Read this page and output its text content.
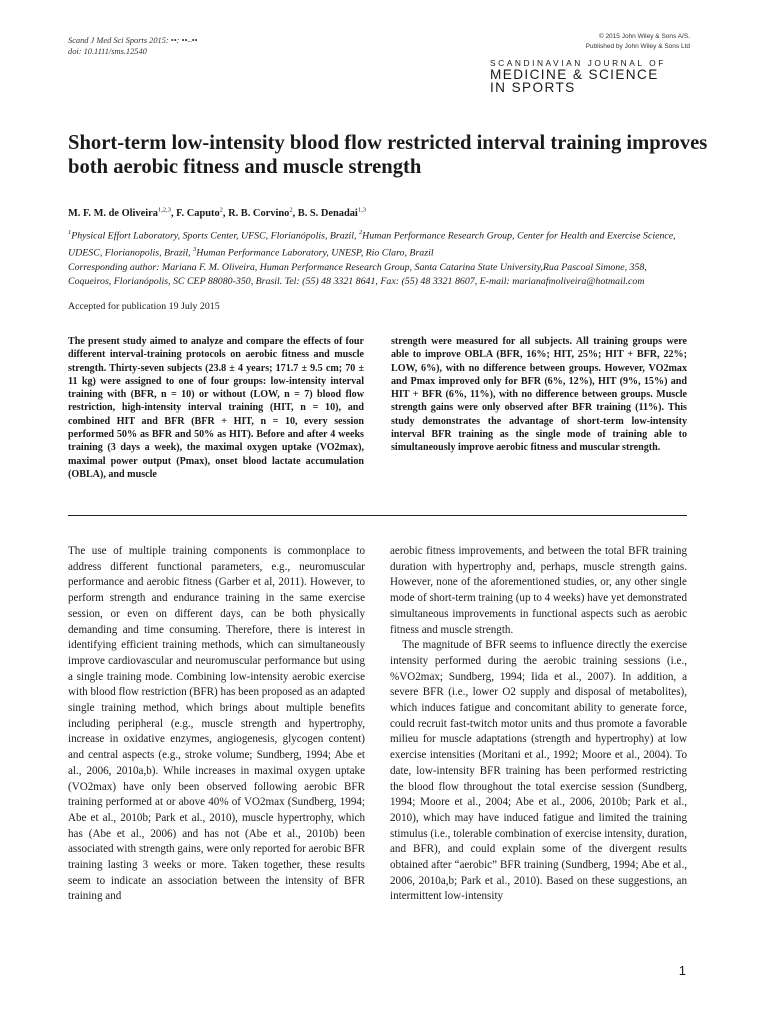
Scand J Med Sci Sports 2015: ••: ••–••
doi: 10.1111/sms.12540
© 2015 John Wiley & Sons A/S.
Published by John Wiley & Sons Ltd
SCANDINAVIAN JOURNAL OF
MEDICINE & SCIENCE
IN SPORTS
Short-term low-intensity blood flow restricted interval training improves both aerobic fitness and muscle strength

M. F. M. de Oliveira$^{1,2,3}$, F. Caputo$^2$, R. B. Corvino$^2$, B. S. Denadai$^{1,3}$

$^1$Physical Effort Laboratory, Sports Center, UFSC, Florianópolis, Brazil, $^2$Human Performance Research Group, Center for Health and Exercise Science, UDESC, Florianopolis, Brazil, $^3$Human Performance Laboratory, UNESP, Rio Claro, Brazil
Corresponding author: Mariana F. M. Oliveira, Human Performance Research Group, Santa Catarina State University,Rua Pascoal Simone, 358, Coqueiros, Florianópolis, SC CEP 88080-350, Brasil. Tel: (55) 48 3321 8641, Fax: (55) 48 3321 8607, E-mail: marianafmoliveira@hotmail.com

Accepted for publication 19 July 2015

The present study aimed to analyze and compare the effects of four different interval-training protocols on aerobic fitness and muscle strength. Thirty-seven subjects (23.8 ± 4 years; 171.7 ± 9.5 cm; 70 ± 11 kg) were assigned to one of four groups: low-intensity interval training with (BFR, n = 10) or without (LOW, n = 7) blood flow restriction, high-intensity interval training (HIT, n = 10), and combined HIT and BFR (BFR + HIT, n = 10, every session performed 50% as BFR and 50% as HIT). Before and after 4 weeks training (3 days a week), the maximal oxygen uptake (VO2max), maximal power output (Pmax), onset blood lactate accumulation (OBLA), and muscle

strength were measured for all subjects. All training groups were able to improve OBLA (BFR, 16%; HIT, 25%; HIT + BFR, 22%; LOW, 6%), with no difference between groups. However, VO2max and Pmax improved only for BFR (6%, 12%), HIT (9%, 15%) and HIT + BFR (6%, 11%), with no difference between groups. Muscle strength gains were only observed after BFR training (11%). This study demonstrates the advantage of short-term low-intensity interval BFR training as the single mode of training able to simultaneously improve aerobic fitness and muscular strength.

The use of multiple training components is commonplace to address different functional parameters, e.g., neuromuscular performance and aerobic fitness (Garber et al, 2011). However, to perform strength and endurance training in the same exercise session, or even on different days, can be both physically demanding and time consuming. Therefore, there is interest in identifying efficient training methods, which can simultaneously improve cardiovascular and neuromuscular performance but using a single training mode. Combining low-intensity aerobic exercise with blood flow restriction (BFR) has been proposed as an adapted single training method, which brings about multiple benefits including peripheral (e.g., muscle strength and hypertrophy, increase in oxidative enzymes, angiogenesis, glycogen content) and central aspects (e.g., stroke volume; Sundberg, 1994; Abe et al., 2006, 2010a,b). While increases in maximal oxygen uptake (VO2max) have only been observed following aerobic BFR training performed at or above 40% of VO2max (Sundberg, 1994; Abe et al., 2010b; Park et al., 2010), muscle hypertrophy, which has (Abe et al., 2006) and has not (Abe et al., 2010b) been associated with strength gains, were only reported for aerobic BFR training lasting 3 weeks or more. Taken together, these results seem to indicate an association between the intensity of BFR training and

aerobic fitness improvements, and between the total BFR training duration with hypertrophy and, perhaps, muscle strength gains. However, none of the aforementioned studies, or, any other single mode of short-term training (up to 4 weeks) have yet demonstrated simultaneous improvements in functional aspects such as aerobic fitness and muscle strength.
The magnitude of BFR seems to influence directly the exercise intensity performed during the aerobic training sessions (i.e., %VO2max; Sundberg, 1994; Iida et al., 2007). In addition, a severe BFR (i.e., lower O2 supply and disposal of metabolites), which induces fatigue and concomitant ability to generate force, could recruit fast-twitch motor units and thus promote a favorable milieu for muscle adaptations (strength and hypertrophy) at low exercise intensities (Moritani et al., 1992; Moore et al., 2004). To date, low-intensity BFR training has been performed restricting the blood flow throughout the total exercise session (Sundberg, 1994; Moore et al., 2004; Abe et al., 2006, 2010b; Park et al., 2010), which may have induced fatigue and limited the training stimulus (i.e., tolerable combination of exercise intensity, duration, and BFR), and could explain some of the divergent results obtained after “aerobic” BFR training (Sundberg, 1994; Abe et al., 2006, 2010a,b; Park et al., 2010). Based on these suggestions, an intermittent low-intensity

1
